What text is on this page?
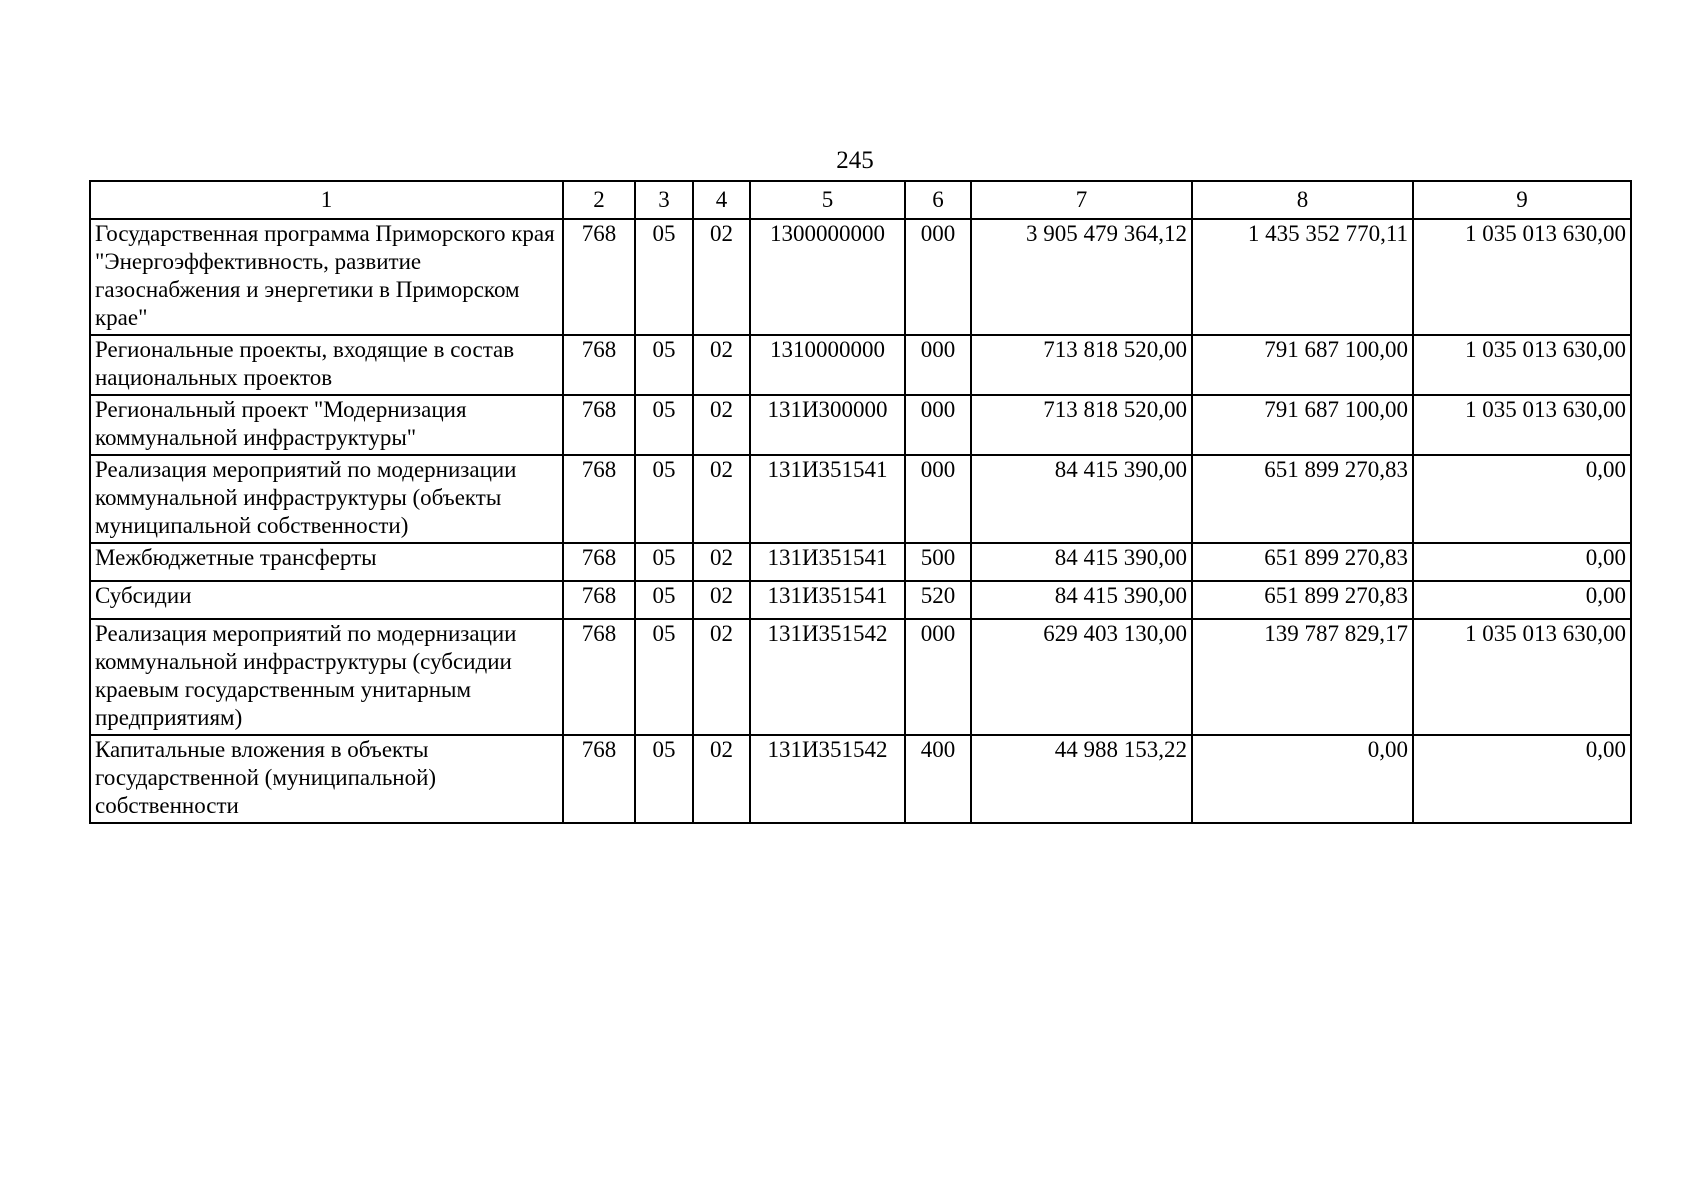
245
1	2	3	4	5	6	7	8	9
Государственная программа Приморского края "Энергоэффективность, развитие газоснабжения и энергетики в Приморском крае"	768	05	02	1300000000	000	3 905 479 364,12	1 435 352 770,11	1 035 013 630,00
Региональные проекты, входящие в состав национальных проектов	768	05	02	1310000000	000	713 818 520,00	791 687 100,00	1 035 013 630,00
Региональный проект "Модернизация коммунальной инфраструктуры"	768	05	02	131И300000	000	713 818 520,00	791 687 100,00	1 035 013 630,00
Реализация мероприятий по модернизации коммунальной инфраструктуры (объекты муниципальной собственности)	768	05	02	131И351541	000	84 415 390,00	651 899 270,83	0,00
Межбюджетные трансферты	768	05	02	131И351541	500	84 415 390,00	651 899 270,83	0,00
Субсидии	768	05	02	131И351541	520	84 415 390,00	651 899 270,83	0,00
Реализация мероприятий по модернизации коммунальной инфраструктуры (субсидии краевым государственным унитарным предприятиям)	768	05	02	131И351542	000	629 403 130,00	139 787 829,17	1 035 013 630,00
Капитальные вложения в объекты государственной (муниципальной) собственности	768	05	02	131И351542	400	44 988 153,22	0,00	0,00
